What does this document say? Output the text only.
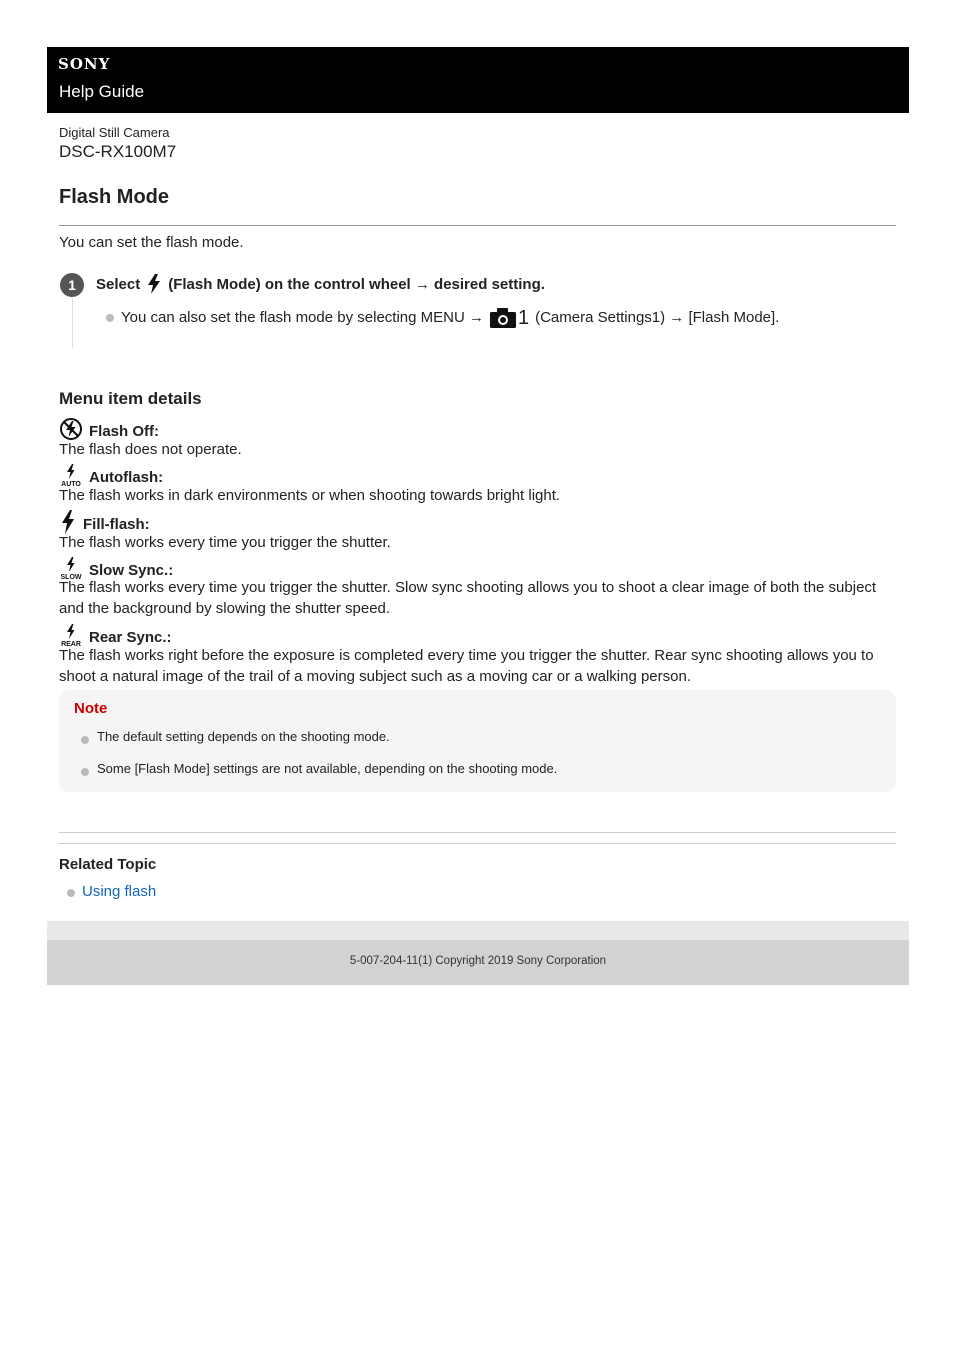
SONY
Help Guide
Digital Still Camera
DSC-RX100M7
Flash Mode
You can set the flash mode.
1	Select (Flash Mode) on the control wheel → desired setting.
You can also set the flash mode by selecting MENU → 1 (Camera Settings1) → [Flash Mode].
Menu item details
Flash Off:
The flash does not operate.
AUTO Autoflash:
The flash works in dark environments or when shooting towards bright light.
Fill-flash:
The flash works every time you trigger the shutter.
SLOW Slow Sync.:
The flash works every time you trigger the shutter. Slow sync shooting allows you to shoot a clear image of both the subject and the background by slowing the shutter speed.
REAR Rear Sync.:
The flash works right before the exposure is completed every time you trigger the shutter. Rear sync shooting allows you to shoot a natural image of the trail of a moving subject such as a moving car or a walking person.
Note
The default setting depends on the shooting mode.
Some [Flash Mode] settings are not available, depending on the shooting mode.
Related Topic
Using flash
5-007-204-11(1) Copyright 2019 Sony Corporation
